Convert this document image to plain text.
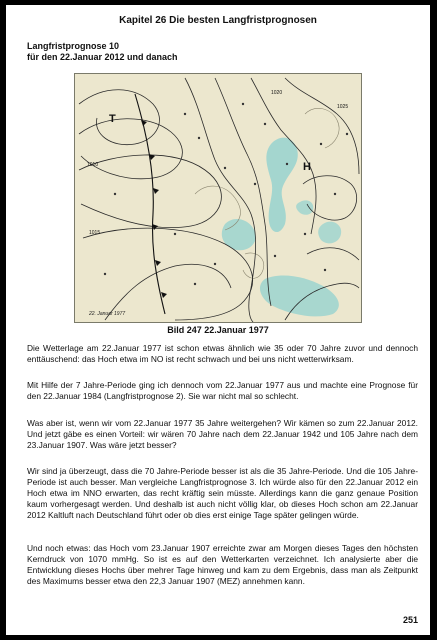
Kapitel 26 Die besten Langfristprognosen
Langfristprognose 10
für den 22.Januar 2012 und danach
T
H
1010
1015
1020
1025
22. Januar 1977
Bild 247 22.Januar 1977

Die Wetterlage am 22.Januar 1977 ist schon etwas ähnlich wie 35 oder 70 Jahre zuvor und dennoch enttäuschend: das Hoch etwa im NO ist recht schwach und bei uns nicht wetterwirksam.

Mit Hilfe der 7 Jahre-Periode ging ich dennoch vom 22.Januar 1977 aus und machte eine Prognose für den 22.Januar 1984 (Langfristprognose 2). Sie war nicht mal so schlecht.

Was aber ist, wenn wir vom 22.Januar 1977 35 Jahre weitergehen? Wir kämen so zum 22.Januar 2012. Und jetzt gäbe es einen Vorteil: wir wären 70 Jahre nach dem 22.Januar 1942 und 105 Jahre nach dem 23.Januar 1907. Was wäre jetzt besser?

Wir sind ja überzeugt, dass die 70 Jahre-Periode besser ist als die 35 Jahre-Periode. Und die 105 Jahre-Periode ist auch besser. Man vergleiche Langfristprognose 3. Ich würde also für den 22.Januar 2012 ein Hoch etwa im NNO erwarten, das recht kräftig sein müsste. Allerdings kann die ganz genaue Position kaum vorhergesagt werden. Und deshalb ist auch nicht völlig klar, ob dieses Hoch schon am 22.Januar 2012 Kaltluft nach Deutschland führt oder ob dies erst einige Tage später gelingen würde.

Und noch etwas: das Hoch vom 23.Januar 1907 erreichte zwar am Morgen dieses Tages den höchsten Kerndruck von 1070 mmHg. So ist es auf den Wetterkarten verzeichnet. Ich analysierte aber die Entwicklung dieses Hochs über mehrer Tage hinweg und kam zu dem Ergebnis, dass man als Zeitpunkt des Maximums besser etwa den 22,3 Januar 1907 (MEZ) annehmen kann.

251
